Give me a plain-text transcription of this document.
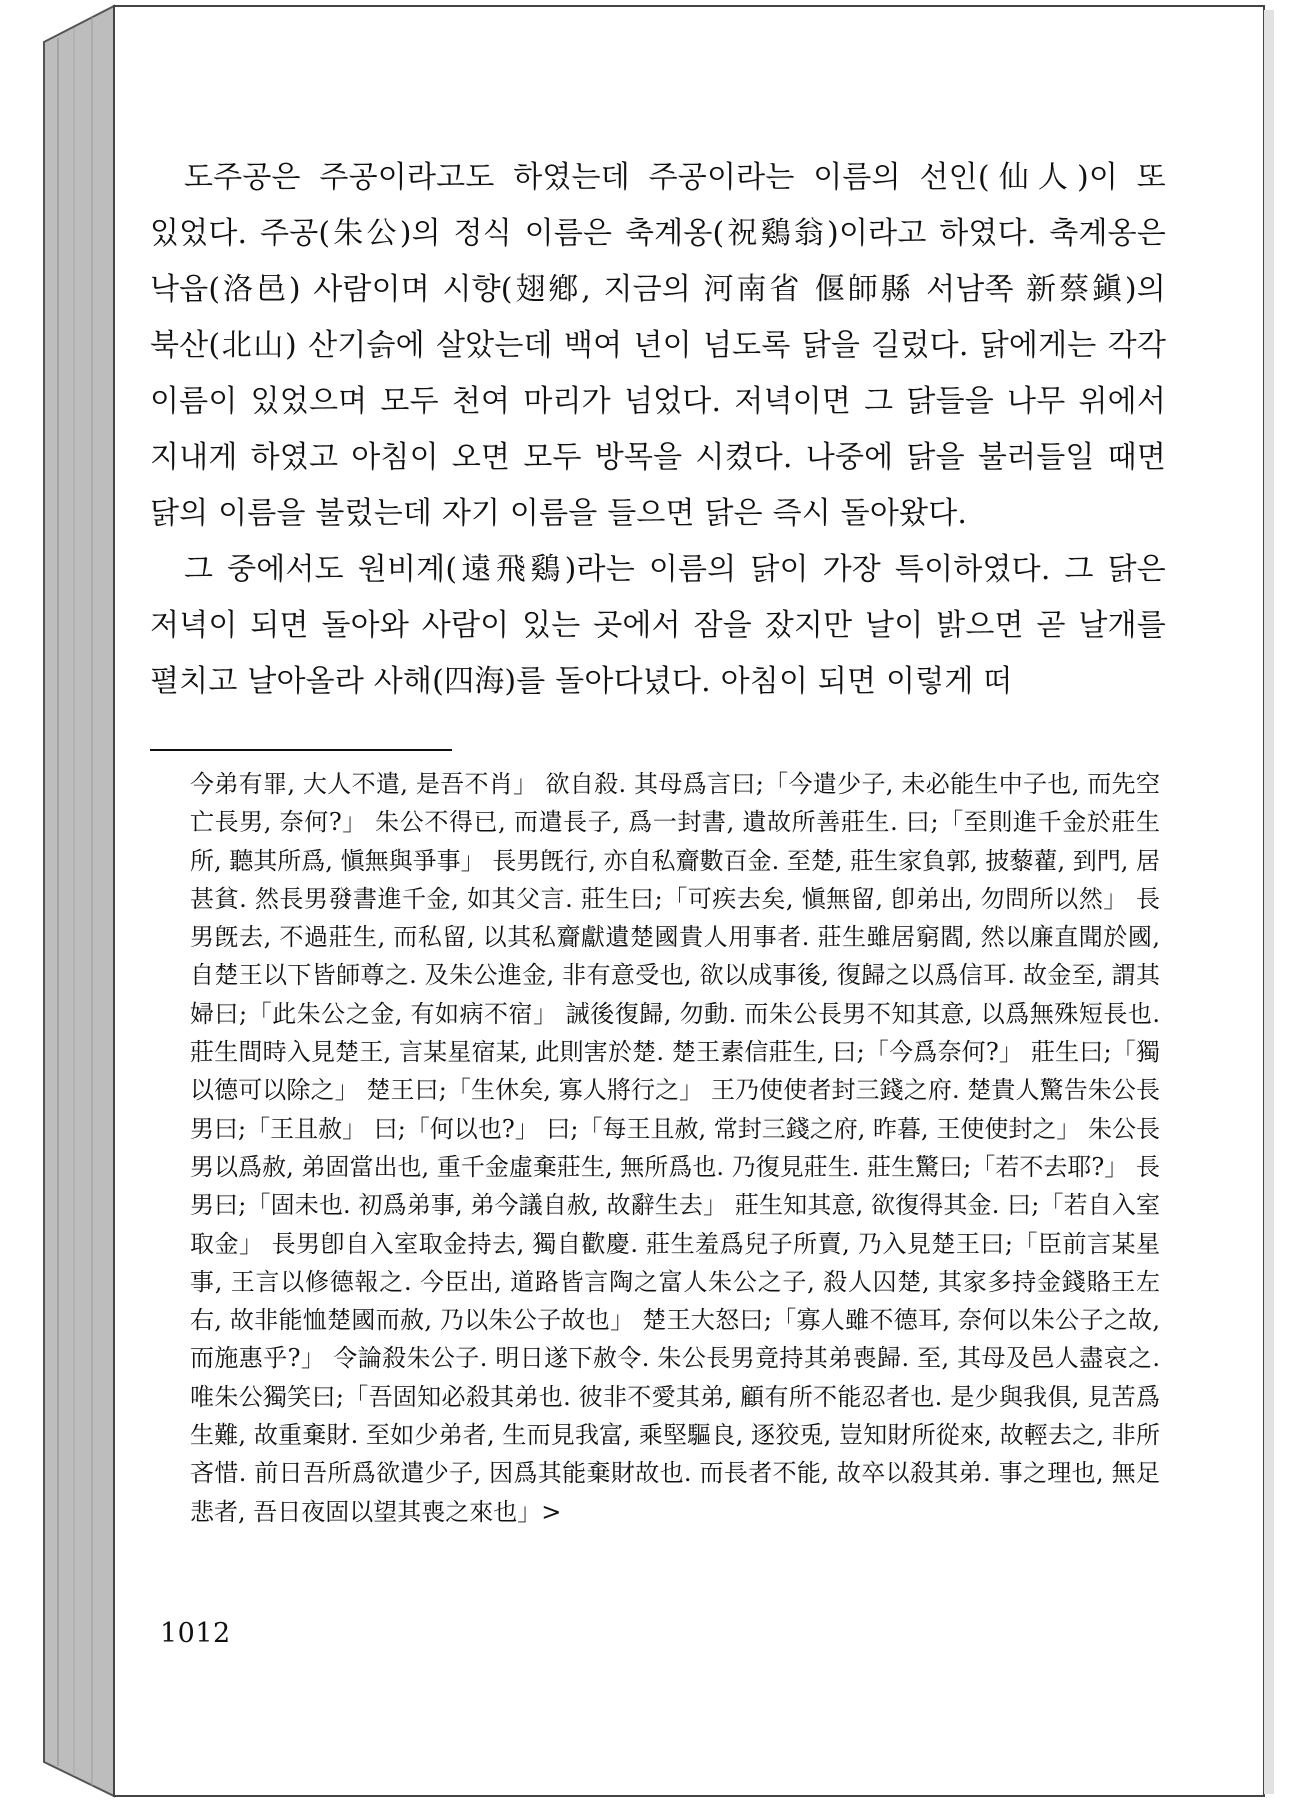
도주공은 주공이라고도 하였는데 주공이라는 이름의 선인(仙人)이 또 있었다. 주공(朱公)의 정식 이름은 축계옹(祝鷄翁)이라고 하였다. 축계옹은 낙읍(洛邑) 사람이며 시향(翅鄕, 지금의 河南省 偃師縣 서남쪽 新蔡鎭)의 북산(北山) 산기슭에 살았는데 백여 년이 넘도록 닭을 길렀다. 닭에게는 각각 이름이 있었으며 모두 천여 마리가 넘었다. 저녁이면 그 닭들을 나무 위에서 지내게 하였고 아침이 오면 모두 방목을 시켰다. 나중에 닭을 불러들일 때면 닭의 이름을 불렀는데 자기 이름을 들으면 닭은 즉시 돌아왔다.

그 중에서도 원비계(遠飛鷄)라는 이름의 닭이 가장 특이하였다. 그 닭은 저녁이 되면 돌아와 사람이 있는 곳에서 잠을 잤지만 날이 밝으면 곧 날개를 펼치고 날아올라 사해(四海)를 돌아다녔다. 아침이 되면 이렇게 떠

今弟有罪, 大人不遣, 是吾不肖」 欲自殺. 其母爲言曰;「今遣少子, 未必能生中子也, 而先空亡長男, 奈何?」 朱公不得已, 而遣長子, 爲一封書, 遺故所善莊生. 曰;「至則進千金於莊生所, 聽其所爲, 愼無與爭事」 長男旣行, 亦自私齎數百金. 至楚, 莊生家負郭, 披藜藋, 到門, 居甚貧. 然長男發書進千金, 如其父言. 莊生曰;「可疾去矣, 愼無留, 卽弟出, 勿問所以然」 長男旣去, 不過莊生, 而私留, 以其私齎獻遺楚國貴人用事者. 莊生雖居窮閻, 然以廉直聞於國, 自楚王以下皆師尊之. 及朱公進金, 非有意受也, 欲以成事後, 復歸之以爲信耳. 故金至, 謂其婦曰;「此朱公之金, 有如病不宿」 誡後復歸, 勿動. 而朱公長男不知其意, 以爲無殊短長也. 莊生間時入見楚王, 言某星宿某, 此則害於楚. 楚王素信莊生, 曰;「今爲奈何?」 莊生曰;「獨以德可以除之」 楚王曰;「生休矣, 寡人將行之」 王乃使使者封三錢之府. 楚貴人驚告朱公長男曰;「王且赦」 曰;「何以也?」 曰;「每王且赦, 常封三錢之府, 昨暮, 王使使封之」 朱公長男以爲赦, 弟固當出也, 重千金虛棄莊生, 無所爲也. 乃復見莊生. 莊生驚曰;「若不去耶?」 長男曰;「固未也. 初爲弟事, 弟今議自赦, 故辭生去」 莊生知其意, 欲復得其金. 曰;「若自入室取金」 長男卽自入室取金持去, 獨自歡慶. 莊生羞爲兒子所賣, 乃入見楚王曰;「臣前言某星事, 王言以修德報之. 今臣出, 道路皆言陶之富人朱公之子, 殺人囚楚, 其家多持金錢賂王左右, 故非能恤楚國而赦, 乃以朱公子故也」 楚王大怒曰;「寡人雖不德耳, 奈何以朱公子之故, 而施惠乎?」 令論殺朱公子. 明日遂下赦令. 朱公長男竟持其弟喪歸. 至, 其母及邑人盡哀之. 唯朱公獨笑曰;「吾固知必殺其弟也. 彼非不愛其弟, 顧有所不能忍者也. 是少與我俱, 見苦爲生難, 故重棄財. 至如少弟者, 生而見我富, 乘堅驅良, 逐狡兎, 豈知財所從來, 故輕去之, 非所吝惜. 前日吾所爲欲遣少子, 因爲其能棄財故也. 而長者不能, 故卒以殺其弟. 事之理也, 無足悲者, 吾日夜固以望其喪之來也」>

1012
